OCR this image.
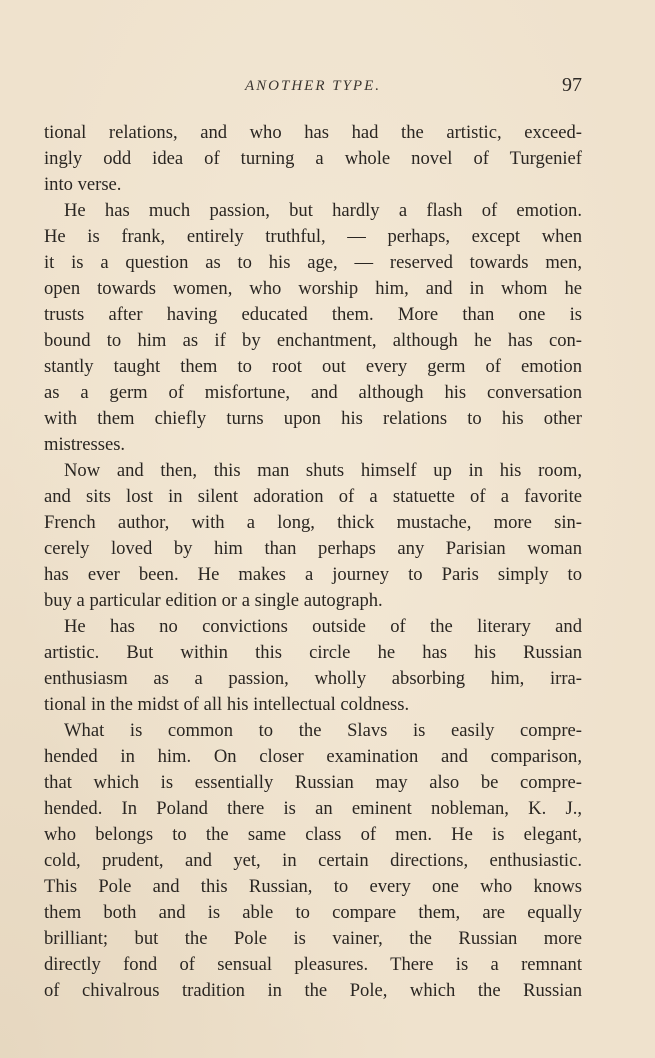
ANOTHER TYPE.	97
tional relations, and who has had the artistic, exceed-
ingly odd idea of turning a whole novel of Turgenief
into verse.
He has much passion, but hardly a flash of emotion.
He is frank, entirely truthful, — perhaps, except when
it is a question as to his age, — reserved towards men,
open towards women, who worship him, and in whom he
trusts after having educated them. More than one is
bound to him as if by enchantment, although he has con-
stantly taught them to root out every germ of emotion
as a germ of misfortune, and although his conversation
with them chiefly turns upon his relations to his other
mistresses.
Now and then, this man shuts himself up in his room,
and sits lost in silent adoration of a statuette of a favorite
French author, with a long, thick mustache, more sin-
cerely loved by him than perhaps any Parisian woman
has ever been. He makes a journey to Paris simply to
buy a particular edition or a single autograph.
He has no convictions outside of the literary and
artistic. But within this circle he has his Russian
enthusiasm as a passion, wholly absorbing him, irra-
tional in the midst of all his intellectual coldness.
What is common to the Slavs is easily compre-
hended in him. On closer examination and comparison,
that which is essentially Russian may also be compre-
hended. In Poland there is an eminent nobleman, K. J.,
who belongs to the same class of men. He is elegant,
cold, prudent, and yet, in certain directions, enthusiastic.
This Pole and this Russian, to every one who knows
them both and is able to compare them, are equally
brilliant; but the Pole is vainer, the Russian more
directly fond of sensual pleasures. There is a remnant
of chivalrous tradition in the Pole, which the Russian
